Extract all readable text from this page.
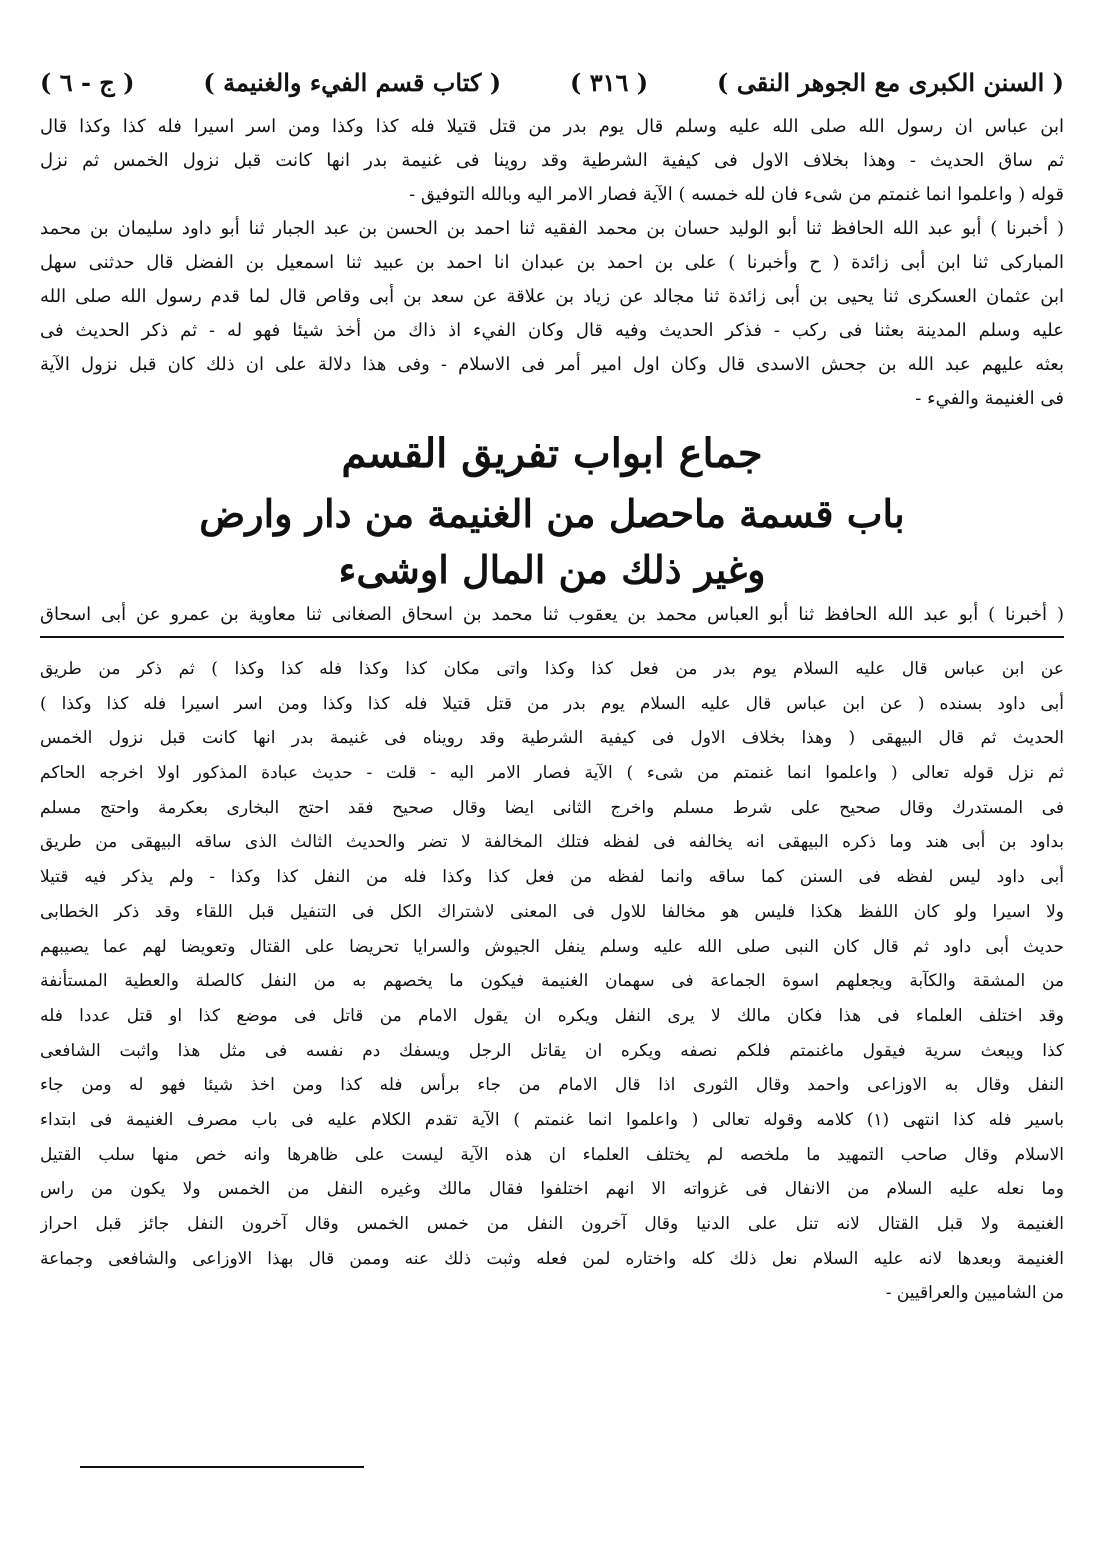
( السنن الكبرى مع الجوهر النقى )
( ٣١٦ )
( كتاب قسم الفيء والغنيمة )
( ج - ٦ )
ابن عباس ان رسول الله صلى الله عليه وسلم قال يوم بدر من قتل قتيلا فله كذا وكذا ومن اسر اسيرا فله كذا وكذا قال
ثم ساق الحديث - وهذا بخلاف الاول فى كيفية الشرطية وقد روينا فى غنيمة بدر انها كانت قبل نزول الخمس ثم نزل
قوله ( واعلموا انما غنمتم من شىء فان لله خمسه ) الآية فصار الامر اليه وبالله التوفيق -
( أخبرنا ) أبو عبد الله الحافظ ثنا أبو الوليد حسان بن محمد الفقيه ثنا احمد بن الحسن بن عبد الجبار ثنا أبو داود سليمان بن محمد
المبارکى ثنا ابن أبى زائدة ( ح وأخبرنا ) على بن احمد بن عبدان انا احمد بن عبيد ثنا اسمعيل بن الفضل قال حدثنى سهل
ابن عثمان العسكرى ثنا يحيى بن أبى زائدة ثنا مجالد عن زياد بن علاقة عن سعد بن أبى وقاص قال لما قدم رسول الله صلى الله
عليه وسلم المدينة بعثنا فى ركب - فذكر الحديث وفيه قال وكان الفيء اذ ذاك من أخذ شيئا فهو له - ثم ذكر الحديث فى
بعثه عليهم عبد الله بن جحش الاسدى قال وكان اول امير أمر فى الاسلام - وفى هذا دلالة على ان ذلك كان قبل نزول الآية
فى الغنيمة والفيء -
جماع ابواب تفريق القسم
باب قسمة ماحصل من الغنيمة من دار وارض
وغير ذلك من المال اوشىء
( أخبرنا ) أبو عبد الله الحافظ ثنا أبو العباس محمد بن يعقوب ثنا محمد بن اسحاق الصغانى ثنا معاوية بن عمرو عن أبى اسحاق
عن ابن عباس قال عليه السلام يوم بدر من فعل كذا وكذا واتى مكان كذا وكذا فله كذا وكذا ) ثم ذكر من طريق
أبى داود بسنده ( عن ابن عباس قال عليه السلام يوم بدر من قتل قتيلا فله كذا وكذا ومن اسر اسيرا فله كذا وكذا )
الحديث ثم قال البيهقى ( وهذا بخلاف الاول فى كيفية الشرطية وقد رويناه فى غنيمة بدر انها كانت قبل نزول الخمس
ثم نزل قوله تعالى ( واعلموا انما غنمتم من شىء ) الآية فصار الامر اليه - قلت - حديث عبادة المذكور اولا اخرجه الحاكم
فى المستدرك وقال صحيح على شرط مسلم واخرج الثانى ايضا وقال صحيح فقد احتج البخارى بعكرمة واحتج مسلم
بداود بن أبى هند وما ذكره البيهقى انه يخالفه فى لفظه فتلك المخالفة لا تضر والحديث الثالث الذى ساقه البيهقى من طريق
أبى داود ليس لفظه فى السنن كما ساقه وانما لفظه من فعل كذا وكذا فله من النفل كذا وكذا - ولم يذكر فيه قتيلا
ولا اسيرا ولو كان اللفظ هكذا فليس هو مخالفا للاول فى المعنى لاشتراك الكل فى التنفيل قبل اللقاء وقد ذكر الخطابى
حديث أبى داود ثم قال كان النبى صلى الله عليه وسلم ينفل الجيوش والسرايا تحريضا على القتال وتعويضا لهم عما يصيبهم
من المشقة والكآبة ويجعلهم اسوة الجماعة فى سهمان الغنيمة فيكون ما يخصهم به من النفل كالصلة والعطية المستأنفة
وقد اختلف العلماء فى هذا فكان مالك لا يرى النفل ويكره ان يقول الامام من قاتل فى موضع كذا او قتل عددا فله
كذا ويبعث سرية فيقول ماغنمتم فلكم نصفه ويكره ان يقاتل الرجل ويسفك دم نفسه فى مثل هذا واثبت الشافعى
النفل وقال به الاوزاعى واحمد وقال الثورى اذا قال الامام من جاء برأس فله كذا ومن اخذ شيئا فهو له ومن جاء
باسير فله كذا انتهى (١) كلامه وقوله تعالى ( واعلموا انما غنمتم ) الآية تقدم الكلام عليه فى باب مصرف الغنيمة فى ابتداء
الاسلام وقال صاحب التمهيد ما ملخصه لم يختلف العلماء ان هذه الآية ليست على ظاهرها وانه خص منها سلب القتيل
وما نعله عليه السلام من الانفال فى غزواته الا انهم اختلفوا فقال مالك وغيره النفل من الخمس ولا يكون من راس
الغنيمة ولا قبل القتال لانه تنل على الدنيا وقال آخرون النفل من خمس الخمس وقال آخرون النفل جائز قبل احراز
الغنيمة وبعدها لانه عليه السلام نعل ذلك كله واختاره لمن فعله وثبت ذلك عنه وممن قال بهذا الاوزاعى والشافعى وجماعة
من الشاميين والعراقيين -
